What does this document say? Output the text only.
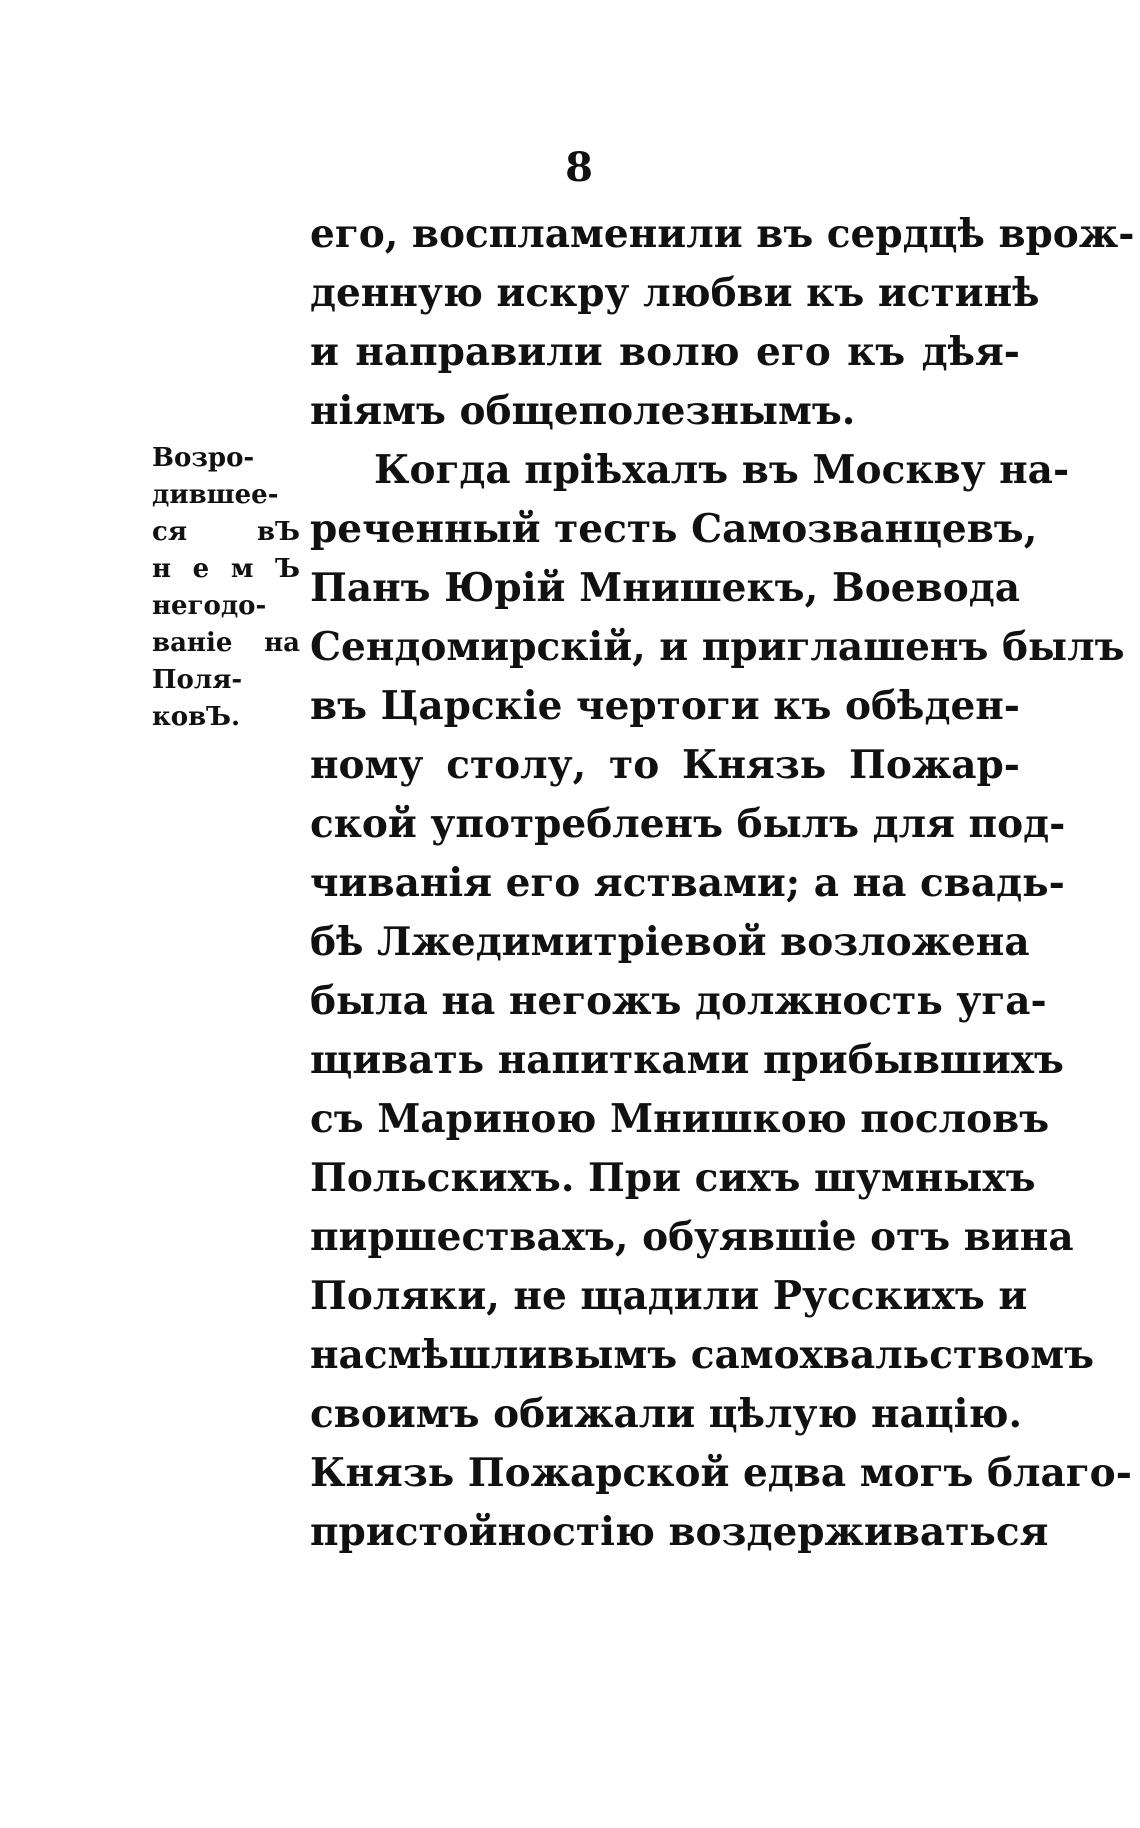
8
Возро-
дившее-
ся вЪ
н е м Ъ
негодо-
ваніе на
Поля-
ковЪ.
его, воспламенили въ сердцѣ врож-
денную искру любви къ истинѣ
и направили волю его къ дѣя-
ніямъ общеполезнымъ.
Когда пріѣхалъ въ Москву на-
реченный тесть Самозванцевъ,
Панъ Юрій Мнишекъ, Воевода
Сендомирскій, и приглашенъ былъ
въ Царскіе чертоги къ обѣден-
ному столу, то Князь Пожар-
ской употребленъ былъ для под-
чиванія его яствами; а на свадь-
бѣ Лжедимитріевой возложена
была на негожъ должность уга-
щивать напитками прибывшихъ
съ Мариною Мнишкою пословъ
Польскихъ. При сихъ шумныхъ
пиршествахъ, обуявшіе отъ вина
Поляки, не щадили Русскихъ и
насмѣшливымъ самохвальствомъ
своимъ обижали цѣлую націю.
Князь Пожарской едва могъ благо-
пристойностію воздерживаться
